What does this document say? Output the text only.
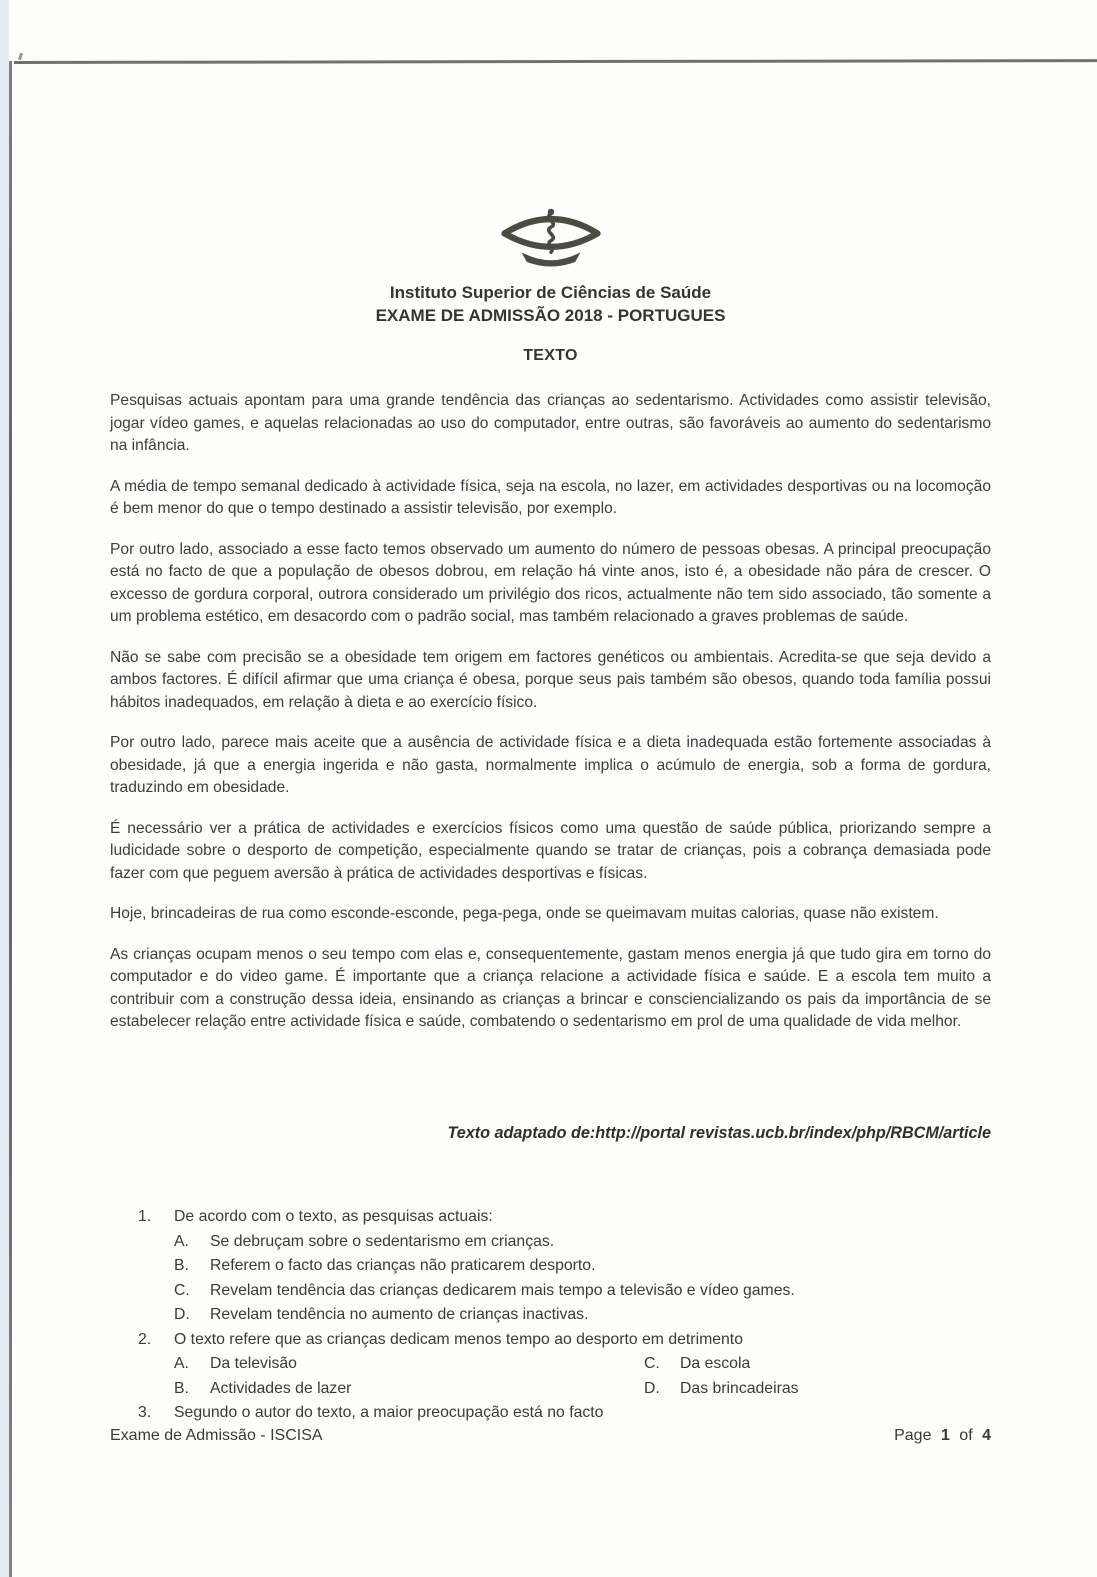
Instituto Superior de Ciências de Saúde
EXAME DE ADMISSÃO 2018 - PORTUGUES
TEXTO

Pesquisas actuais apontam para uma grande tendência das crianças ao sedentarismo. Actividades como assistir televisão, jogar vídeo games, e aquelas relacionadas ao uso do computador, entre outras, são favoráveis ao aumento do sedentarismo na infância.

A média de tempo semanal dedicado à actividade física, seja na escola, no lazer, em actividades desportivas ou na locomoção é bem menor do que o tempo destinado a assistir televisão, por exemplo.

Por outro lado, associado a esse facto temos observado um aumento do número de pessoas obesas. A principal preocupação está no facto de que a população de obesos dobrou, em relação há vinte anos, isto é, a obesidade não pára de crescer. O excesso de gordura corporal, outrora considerado um privilégio dos ricos, actualmente não tem sido associado, tão somente a um problema estético, em desacordo com o padrão social, mas também relacionado a graves problemas de saúde.

Não se sabe com precisão se a obesidade tem origem em factores genéticos ou ambientais. Acredita-se que seja devido a ambos factores. É difícil afirmar que uma criança é obesa, porque seus pais também são obesos, quando toda família possui hábitos inadequados, em relação à dieta e ao exercício físico.

Por outro lado, parece mais aceite que a ausência de actividade física e a dieta inadequada estão fortemente associadas à obesidade, já que a energia ingerida e não gasta, normalmente implica o acúmulo de energia, sob a forma de gordura, traduzindo em obesidade.

É necessário ver a prática de actividades e exercícios físicos como uma questão de saúde pública, priorizando sempre a ludicidade sobre o desporto de competição, especialmente quando se tratar de crianças, pois a cobrança demasiada pode fazer com que peguem aversão à prática de actividades desportivas e físicas.

Hoje, brincadeiras de rua como esconde-esconde, pega-pega, onde se queimavam muitas calorias, quase não existem.

As crianças ocupam menos o seu tempo com elas e, consequentemente, gastam menos energia já que tudo gira em torno do computador e do video game. É importante que a criança relacione a actividade física e saúde. E a escola tem muito a contribuir com a construção dessa ideia, ensinando as crianças a brincar e consciencializando os pais da importância de se estabelecer relação entre actividade física e saúde, combatendo o sedentarismo em prol de uma qualidade de vida melhor.

Texto adaptado de:http://portal revistas.ucb.br/index/php/RBCM/article
1.	De acordo com o texto, as pesquisas actuais:
A.	Se debruçam sobre o sedentarismo em crianças.
B.	Referem o facto das crianças não praticarem desporto.
C.	Revelam tendência das crianças dedicarem mais tempo a televisão e vídeo games.
D.	Revelam tendência no aumento de crianças inactivas.
2.	O texto refere que as crianças dedicam menos tempo ao desporto em detrimento
A.	Da televisão	C.	Da escola
B.	Actividades de lazer	D.	Das brincadeiras
3.	Segundo o autor do texto, a maior preocupação está no facto
Exame de Admissão - ISCISA	Page 1 of 4
